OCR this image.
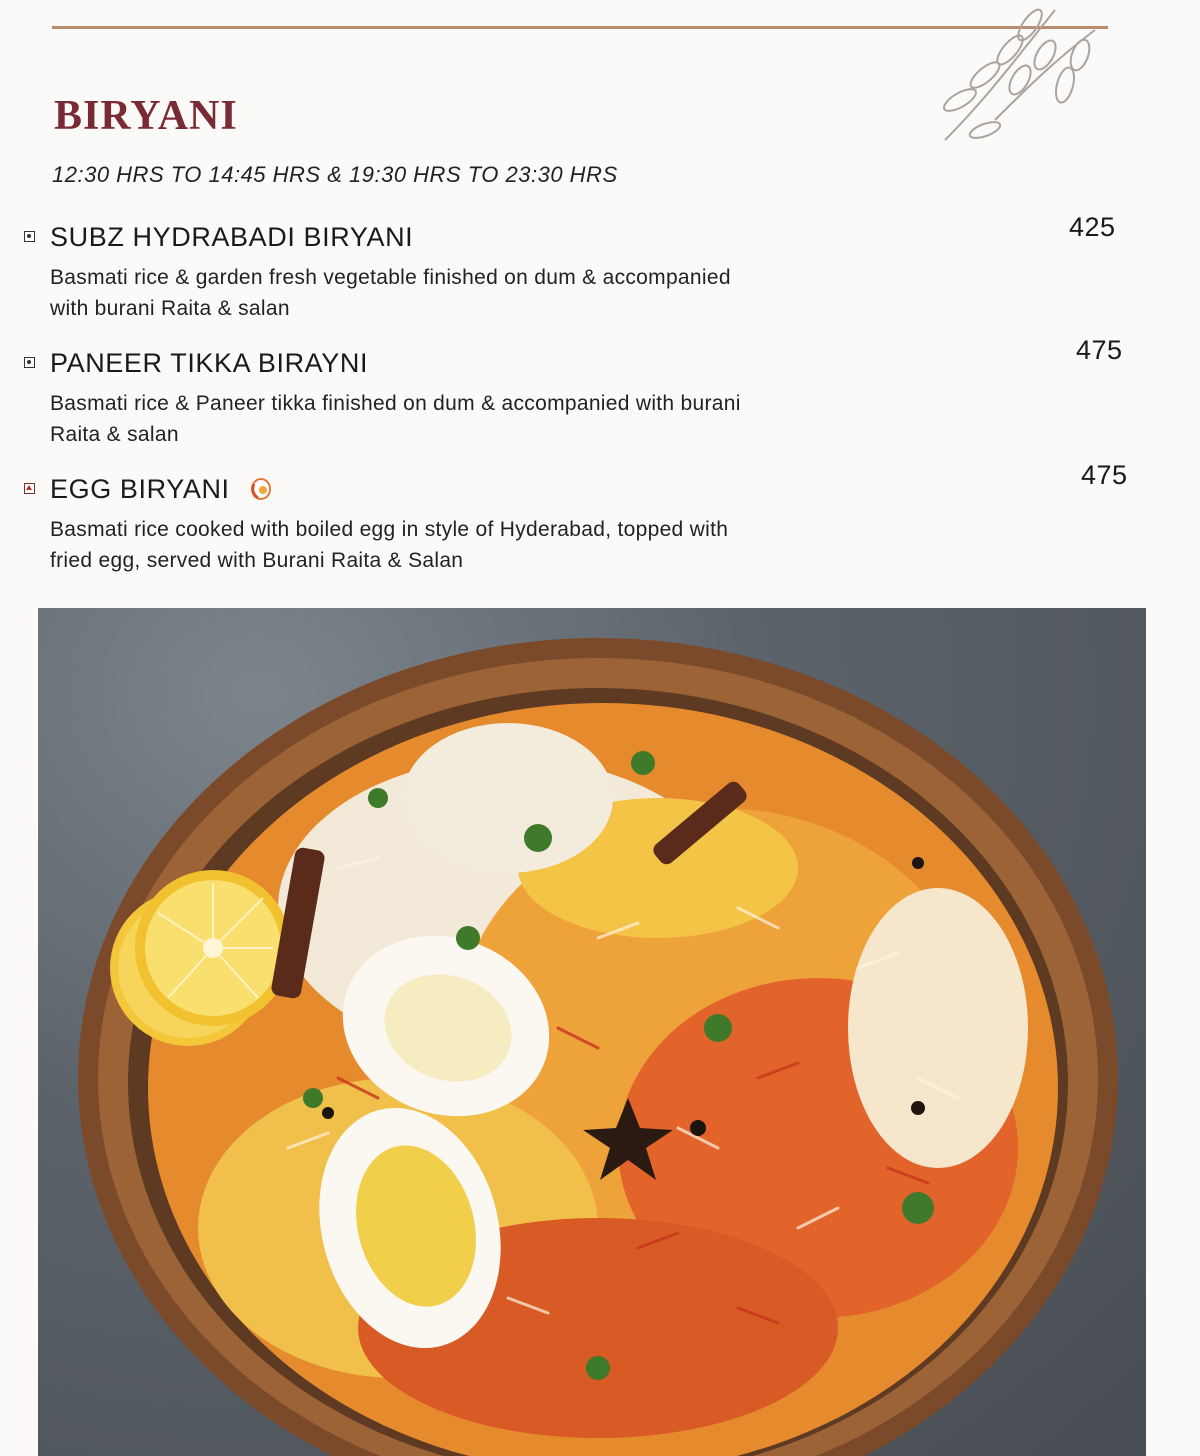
BIRYANI
12:30 HRS TO 14:45 HRS & 19:30 HRS TO 23:30 HRS
SUBZ HYDRABADI BIRYANI
Basmati rice & garden fresh vegetable finished on dum & accompanied with burani Raita & salan
425
PANEER TIKKA BIRAYNI
Basmati rice & Paneer tikka finished on dum & accompanied with burani Raita & salan
475
EGG BIRYANI
Basmati rice cooked with boiled egg in style of Hyderabad, topped with fried egg, served with Burani Raita & Salan
475
